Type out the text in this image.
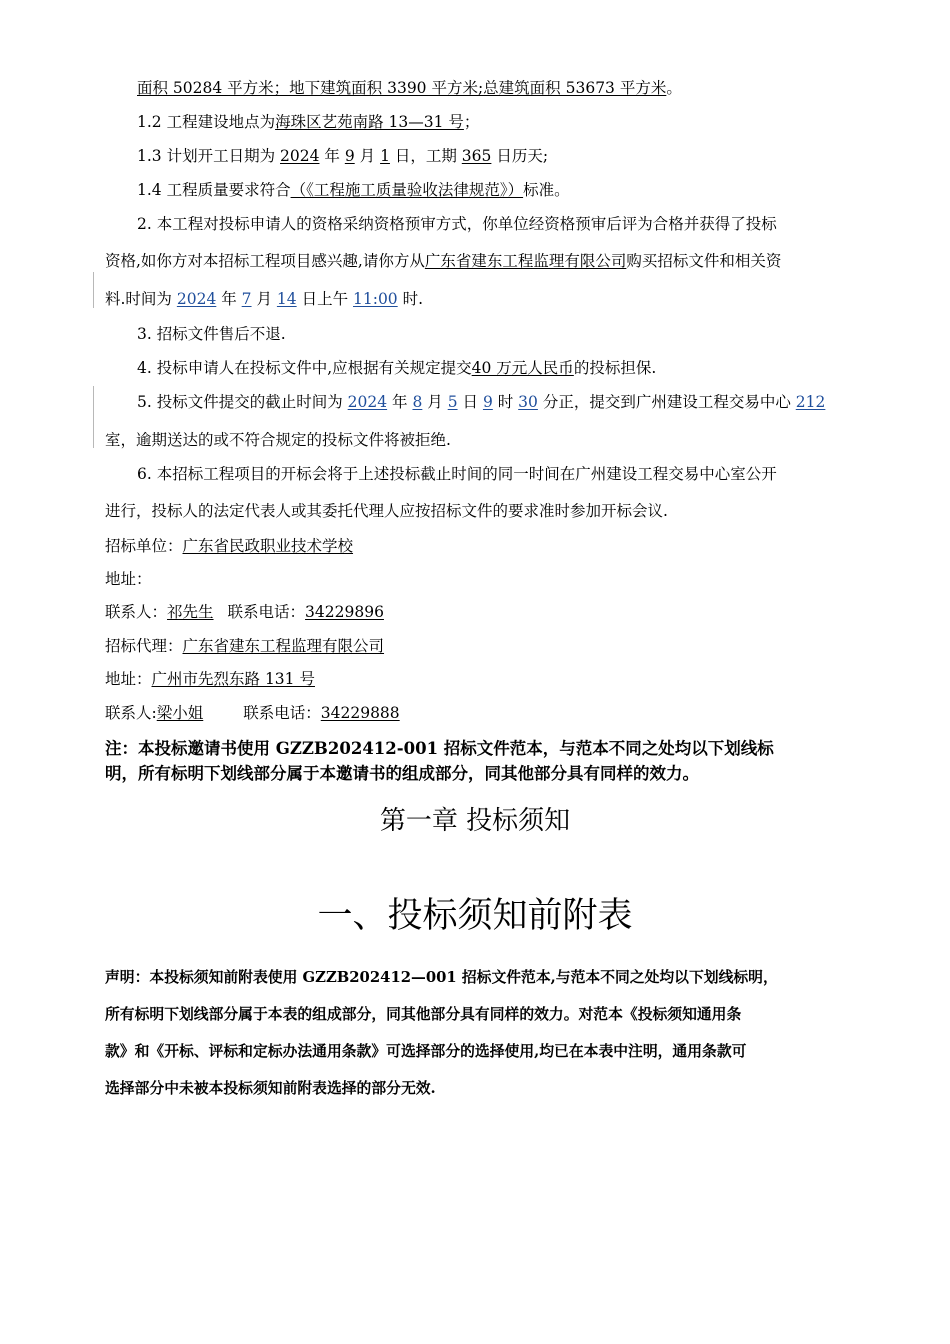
面积 50284 平方米；地下建筑面积 3390 平方米;总建筑面积 53673 平方米。
1.2 工程建设地点为海珠区艺苑南路 13—31 号；
1.3 计划开工日期为 2024 年 9 月 1 日，工期 365 日历天;
1.4 工程质量要求符合（《工程施工质量验收法律规范》）标准。
2. 本工程对投标申请人的资格采纳资格预审方式，你单位经资格预审后评为合格并获得了投标
资格,如你方对本招标工程项目感兴趣,请你方从广东省建东工程监理有限公司购买招标文件和相关资
料.时间为 2024 年 7 月 14 日上午 11:00 时.
3. 招标文件售后不退.
4. 投标申请人在投标文件中,应根据有关规定提交40 万元人民币的投标担保.
5. 投标文件提交的截止时间为 2024 年 8 月 5 日 9 时 30 分正，提交到广州建设工程交易中心 212
室，逾期送达的或不符合规定的投标文件将被拒绝.
6. 本招标工程项目的开标会将于上述投标截止时间的同一时间在广州建设工程交易中心室公开
进行，投标人的法定代表人或其委托代理人应按招标文件的要求准时参加开标会议.
招标单位：广东省民政职业技术学校
地址：
联系人：祁先生 联系电话：34229896
招标代理：广东省建东工程监理有限公司
地址：广州市先烈东路 131 号
联系人:梁小姐	联系电话：34229888
注：本投标邀请书使用 GZZB202412-001 招标文件范本，与范本不同之处均以下划线标
明，所有标明下划线部分属于本邀请书的组成部分，同其他部分具有同样的效力。
第一章 投标须知
一、投标须知前附表
声明：本投标须知前附表使用 GZZB202412—001 招标文件范本,与范本不同之处均以下划线标明，
所有标明下划线部分属于本表的组成部分，同其他部分具有同样的效力。对范本《投标须知通用条
款》和《开标、评标和定标办法通用条款》可选择部分的选择使用,均已在本表中注明，通用条款可
选择部分中未被本投标须知前附表选择的部分无效.
